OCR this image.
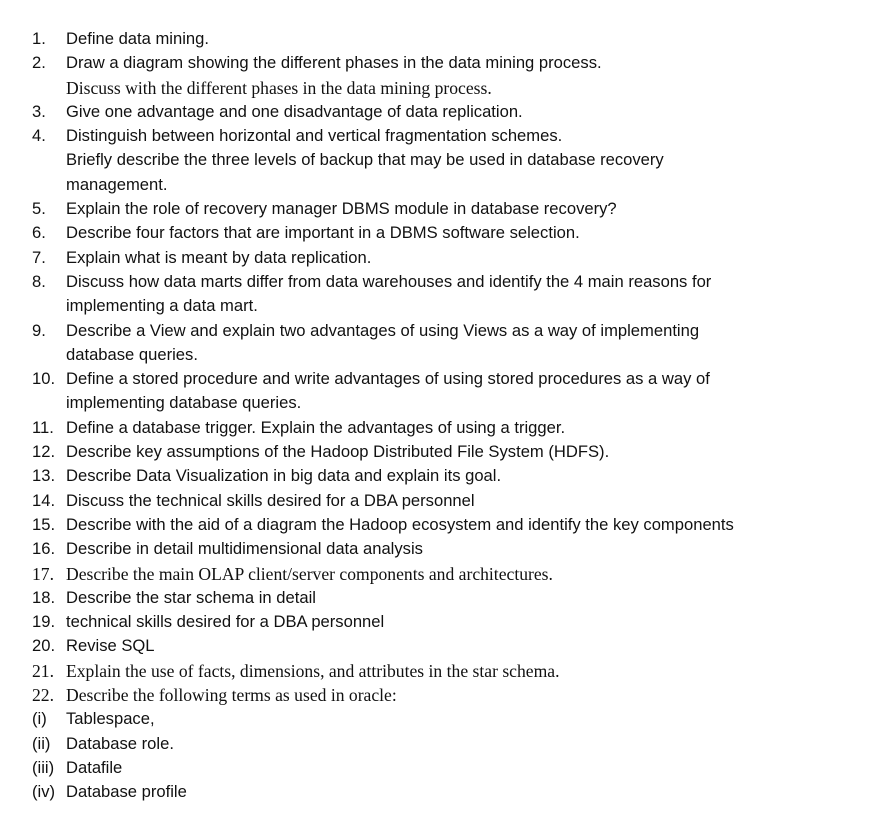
1. Define data mining.
2. Draw a diagram showing the different phases in the data mining process.
Discuss with the different phases in the data mining process.
3. Give one advantage and one disadvantage of data replication.
4. Distinguish between horizontal and vertical fragmentation schemes.
Briefly describe the three levels of backup that may be used in database recovery
management.
5. Explain the role of recovery manager DBMS module in database recovery?
6. Describe four factors that are important in a DBMS software selection.
7. Explain what is meant by data replication.
8. Discuss how data marts differ from data warehouses and identify the 4 main reasons for
implementing a data mart.
9. Describe a View and explain two advantages of using Views as a way of implementing
database queries.
10. Define a stored procedure and write advantages of using stored procedures as a way of
implementing database queries.
11. Define a database trigger. Explain the advantages of using a trigger.
12. Describe key assumptions of the Hadoop Distributed File System (HDFS).
13. Describe Data Visualization in big data and explain its goal.
14. Discuss the technical skills desired for a DBA personnel
15. Describe with the aid of a diagram the Hadoop ecosystem and identify the key components
16. Describe in detail multidimensional data analysis
17. Describe the main OLAP client/server components and architectures.
18. Describe the star schema in detail
19. technical skills desired for a DBA personnel
20. Revise SQL
21. Explain the use of facts, dimensions, and attributes in the star schema.
22. Describe the following terms as used in oracle:
(i) Tablespace,
(ii) Database role.
(iii) Datafile
(iv) Database profile
